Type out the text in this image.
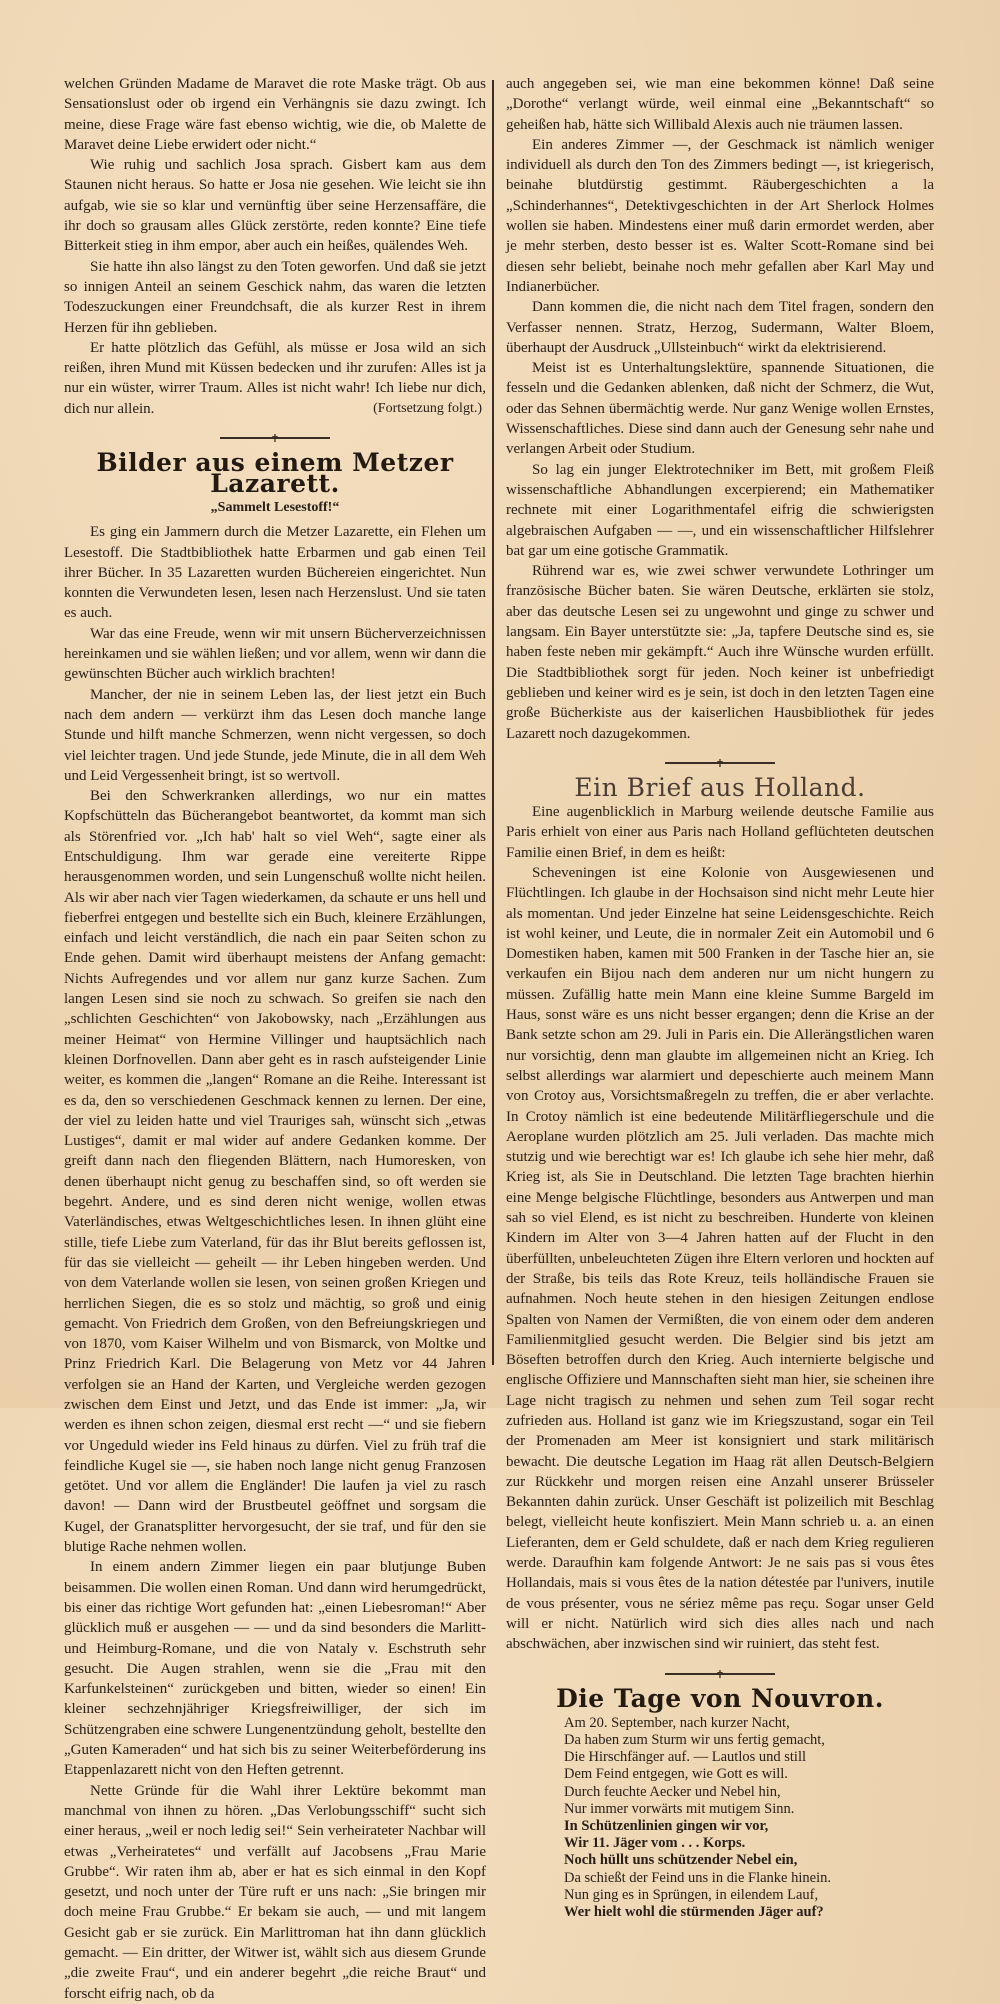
welchen Gründen Madame de Maravet die rote Maske trägt. Ob aus Sensationslust oder ob irgend ein Verhängnis sie dazu zwingt. Ich meine, diese Frage wäre fast ebenso wichtig, wie die, ob Malette de Maravet deine Liebe erwidert oder nicht.“

Wie ruhig und sachlich Josa sprach. Gisbert kam aus dem Staunen nicht heraus. So hatte er Josa nie gesehen. Wie leicht sie ihn aufgab, wie sie so klar und vernünftig über seine Herzensaffäre, die ihr doch so grausam alles Glück zerstörte, reden konnte? Eine tiefe Bitterkeit stieg in ihm empor, aber auch ein heißes, quälendes Weh.

Sie hatte ihn also längst zu den Toten geworfen. Und daß sie jetzt so innigen Anteil an seinem Geschick nahm, das waren die letzten Todeszuckungen einer Freundchsaft, die als kurzer Rest in ihrem Herzen für ihn geblieben.

Er hatte plötzlich das Gefühl, als müsse er Josa wild an sich reißen, ihren Mund mit Küssen bedecken und ihr zurufen: Alles ist ja nur ein wüster, wirrer Traum. Alles ist nicht wahr! Ich liebe nur dich, dich nur allein.	(Fortsetzung folgt.)
✝
Bilder aus einem Metzer Lazarett.
„Sammelt Lesestoff!“

Es ging ein Jammern durch die Metzer Lazarette, ein Flehen um Lesestoff. Die Stadtbibliothek hatte Erbarmen und gab einen Teil ihrer Bücher. In 35 Lazaretten wurden Büchereien eingerichtet. Nun konnten die Verwundeten lesen, lesen nach Herzenslust. Und sie taten es auch.

War das eine Freude, wenn wir mit unsern Bücherverzeichnissen hereinkamen und sie wählen ließen; und vor allem, wenn wir dann die gewünschten Bücher auch wirklich brachten!

Mancher, der nie in seinem Leben las, der liest jetzt ein Buch nach dem andern — verkürzt ihm das Lesen doch manche lange Stunde und hilft manche Schmerzen, wenn nicht vergessen, so doch viel leichter tragen. Und jede Stunde, jede Minute, die in all dem Weh und Leid Vergessenheit bringt, ist so wertvoll.

Bei den Schwerkranken allerdings, wo nur ein mattes Kopfschütteln das Bücherangebot beantwortet, da kommt man sich als Störenfried vor. „Ich hab' halt so viel Weh“, sagte einer als Entschuldigung. Ihm war gerade eine vereiterte Rippe herausgenommen worden, und sein Lungenschuß wollte nicht heilen. Als wir aber nach vier Tagen wiederkamen, da schaute er uns hell und fieberfrei entgegen und bestellte sich ein Buch, kleinere Erzählungen, einfach und leicht verständlich, die nach ein paar Seiten schon zu Ende gehen. Damit wird überhaupt meistens der Anfang gemacht: Nichts Aufregendes und vor allem nur ganz kurze Sachen. Zum langen Lesen sind sie noch zu schwach. So greifen sie nach den „schlichten Geschichten“ von Jakobowsky, nach „Erzählungen aus meiner Heimat“ von Hermine Villinger und hauptsächlich nach kleinen Dorfnovellen. Dann aber geht es in rasch aufsteigender Linie weiter, es kommen die „langen“ Romane an die Reihe. Interessant ist es da, den so verschiedenen Geschmack kennen zu lernen. Der eine, der viel zu leiden hatte und viel Trauriges sah, wünscht sich „etwas Lustiges“, damit er mal wider auf andere Gedanken komme. Der greift dann nach den fliegenden Blättern, nach Humoresken, von denen überhaupt nicht genug zu beschaffen sind, so oft werden sie begehrt. Andere, und es sind deren nicht wenige, wollen etwas Vaterländisches, etwas Weltgeschichtliches lesen. In ihnen glüht eine stille, tiefe Liebe zum Vaterland, für das ihr Blut bereits geflossen ist, für das sie vielleicht — geheilt — ihr Leben hingeben werden. Und von dem Vaterlande wollen sie lesen, von seinen großen Kriegen und herrlichen Siegen, die es so stolz und mächtig, so groß und einig gemacht. Von Friedrich dem Großen, von den Befreiungskriegen und von 1870, vom Kaiser Wilhelm und von Bismarck, von Moltke und Prinz Friedrich Karl. Die Belagerung von Metz vor 44 Jahren verfolgen sie an Hand der Karten, und Vergleiche werden gezogen zwischen dem Einst und Jetzt, und das Ende ist immer: „Ja, wir werden es ihnen schon zeigen, diesmal erst recht —“ und sie fiebern vor Ungeduld wieder ins Feld hinaus zu dürfen. Viel zu früh traf die feindliche Kugel sie —, sie haben noch lange nicht genug Franzosen getötet. Und vor allem die Engländer! Die laufen ja viel zu rasch davon! — Dann wird der Brustbeutel geöffnet und sorgsam die Kugel, der Granatsplitter hervorgesucht, der sie traf, und für den sie blutige Rache nehmen wollen.

In einem andern Zimmer liegen ein paar blutjunge Buben beisammen. Die wollen einen Roman. Und dann wird herumgedrückt, bis einer das richtige Wort gefunden hat: „einen Liebesroman!“ Aber glücklich muß er ausgehen — — und da sind besonders die Marlitt- und Heimburg-Romane, und die von Nataly v. Eschstruth sehr gesucht. Die Augen strahlen, wenn sie die „Frau mit den Karfunkelsteinen“ zurückgeben und bitten, wieder so einen! Ein kleiner sechzehnjähriger Kriegsfreiwilliger, der sich im Schützengraben eine schwere Lungenentzündung geholt, bestellte den „Guten Kameraden“ und hat sich bis zu seiner Weiterbeförderung ins Etappenlazarett nicht von den Heften getrennt.

Nette Gründe für die Wahl ihrer Lektüre bekommt man manchmal von ihnen zu hören. „Das Verlobungsschiff“ sucht sich einer heraus, „weil er noch ledig sei!“ Sein verheirateter Nachbar will etwas „Verheiratetes“ und verfällt auf Jacobsens „Frau Marie Grubbe“. Wir raten ihm ab, aber er hat es sich einmal in den Kopf gesetzt, und noch unter der Türe ruft er uns nach: „Sie bringen mir doch meine Frau Grubbe.“ Er bekam sie auch, — und mit langem Gesicht gab er sie zurück. Ein Marlittroman hat ihn dann glücklich gemacht. — Ein dritter, der Witwer ist, wählt sich aus diesem Grunde „die zweite Frau“, und ein anderer begehrt „die reiche Braut“ und forscht eifrig nach, ob da

auch angegeben sei, wie man eine bekommen könne! Daß seine „Dorothe“ verlangt würde, weil einmal eine „Bekanntschaft“ so geheißen hab, hätte sich Willibald Alexis auch nie träumen lassen.

Ein anderes Zimmer —, der Geschmack ist nämlich weniger individuell als durch den Ton des Zimmers bedingt —, ist kriegerisch, beinahe blutdürstig gestimmt. Räubergeschichten a la „Schinderhannes“, Detektivgeschichten in der Art Sherlock Holmes wollen sie haben. Mindestens einer muß darin ermordet werden, aber je mehr sterben, desto besser ist es. Walter Scott-Romane sind bei diesen sehr beliebt, beinahe noch mehr gefallen aber Karl May und Indianerbücher.

Dann kommen die, die nicht nach dem Titel fragen, sondern den Verfasser nennen. Stratz, Herzog, Sudermann, Walter Bloem, überhaupt der Ausdruck „Ullsteinbuch“ wirkt da elektrisierend.

Meist ist es Unterhaltungslektüre, spannende Situationen, die fesseln und die Gedanken ablenken, daß nicht der Schmerz, die Wut, oder das Sehnen übermächtig werde. Nur ganz Wenige wollen Ernstes, Wissenschaftliches. Diese sind dann auch der Genesung sehr nahe und verlangen Arbeit oder Studium.

So lag ein junger Elektrotechniker im Bett, mit großem Fleiß wissenschaftliche Abhandlungen excerpierend; ein Mathematiker rechnete mit einer Logarithmentafel eifrig die schwierigsten algebraischen Aufgaben — —, und ein wissenschaftlicher Hilfslehrer bat gar um eine gotische Grammatik.

Rührend war es, wie zwei schwer verwundete Lothringer um französische Bücher baten. Sie wären Deutsche, erklärten sie stolz, aber das deutsche Lesen sei zu ungewohnt und ginge zu schwer und langsam. Ein Bayer unterstützte sie: „Ja, tapfere Deutsche sind es, sie haben feste neben mir gekämpft.“ Auch ihre Wünsche wurden erfüllt. Die Stadtbibliothek sorgt für jeden. Noch keiner ist unbefriedigt geblieben und keiner wird es je sein, ist doch in den letzten Tagen eine große Bücherkiste aus der kaiserlichen Hausbibliothek für jedes Lazarett noch dazugekommen.

✝
Ein Brief aus Holland.

Eine augenblicklich in Marburg weilende deutsche Familie aus Paris erhielt von einer aus Paris nach Holland geflüchteten deutschen Familie einen Brief, in dem es heißt:

Scheveningen ist eine Kolonie von Ausgewiesenen und Flüchtlingen. Ich glaube in der Hochsaison sind nicht mehr Leute hier als momentan. Und jeder Einzelne hat seine Leidensgeschichte. Reich ist wohl keiner, und Leute, die in normaler Zeit ein Automobil und 6 Domestiken haben, kamen mit 500 Franken in der Tasche hier an, sie verkaufen ein Bijou nach dem anderen nur um nicht hungern zu müssen. Zufällig hatte mein Mann eine kleine Summe Bargeld im Haus, sonst wäre es uns nicht besser ergangen; denn die Krise an der Bank setzte schon am 29. Juli in Paris ein. Die Allerängstlichen waren nur vorsichtig, denn man glaubte im allgemeinen nicht an Krieg. Ich selbst allerdings war alarmiert und depeschierte auch meinem Mann von Crotoy aus, Vorsichtsmaßregeln zu treffen, die er aber verlachte. In Crotoy nämlich ist eine bedeutende Militärfliegerschule und die Aeroplane wurden plötzlich am 25. Juli verladen. Das machte mich stutzig und wie berechtigt war es! Ich glaube ich sehe hier mehr, daß Krieg ist, als Sie in Deutschland. Die letzten Tage brachten hierhin eine Menge belgische Flüchtlinge, besonders aus Antwerpen und man sah so viel Elend, es ist nicht zu beschreiben. Hunderte von kleinen Kindern im Alter von 3—4 Jahren hatten auf der Flucht in den überfüllten, unbeleuchteten Zügen ihre Eltern verloren und hockten auf der Straße, bis teils das Rote Kreuz, teils holländische Frauen sie aufnahmen. Noch heute stehen in den hiesigen Zeitungen endlose Spalten von Namen der Vermißten, die von einem oder dem anderen Familienmitglied gesucht werden. Die Belgier sind bis jetzt am Böseften betroffen durch den Krieg. Auch internierte belgische und englische Offiziere und Mannschaften sieht man hier, sie scheinen ihre Lage nicht tragisch zu nehmen und sehen zum Teil sogar recht zufrieden aus. Holland ist ganz wie im Kriegszustand, sogar ein Teil der Promenaden am Meer ist konsigniert und stark militärisch bewacht. Die deutsche Legation im Haag rät allen Deutsch-Belgiern zur Rückkehr und morgen reisen eine Anzahl unserer Brüsseler Bekannten dahin zurück. Unser Geschäft ist polizeilich mit Beschlag belegt, vielleicht heute konfisziert. Mein Mann schrieb u. a. an einen Lieferanten, dem er Geld schuldete, daß er nach dem Krieg regulieren werde. Daraufhin kam folgende Antwort: Je ne sais pas si vous êtes Hollandais, mais si vous êtes de la nation détestée par l'univers, inutile de vous présenter, vous ne sériez même pas reçu. Sogar unser Geld will er nicht. Natürlich wird sich dies alles nach und nach abschwächen, aber inzwischen sind wir ruiniert, das steht fest.

✝
Die Tage von Nouvron.
Am 20. September, nach kurzer Nacht,
Da haben zum Sturm wir uns fertig gemacht,
Die Hirschfänger auf. — Lautlos und still
Dem Feind entgegen, wie Gott es will.
Durch feuchte Aecker und Nebel hin,
Nur immer vorwärts mit mutigem Sinn.
In Schützenlinien gingen wir vor,
Wir 11. Jäger vom . . . Korps.
Noch hüllt uns schützender Nebel ein,
Da schießt der Feind uns in die Flanke hinein.
Nun ging es in Sprüngen, in eilendem Lauf,
Wer hielt wohl die stürmenden Jäger auf?
